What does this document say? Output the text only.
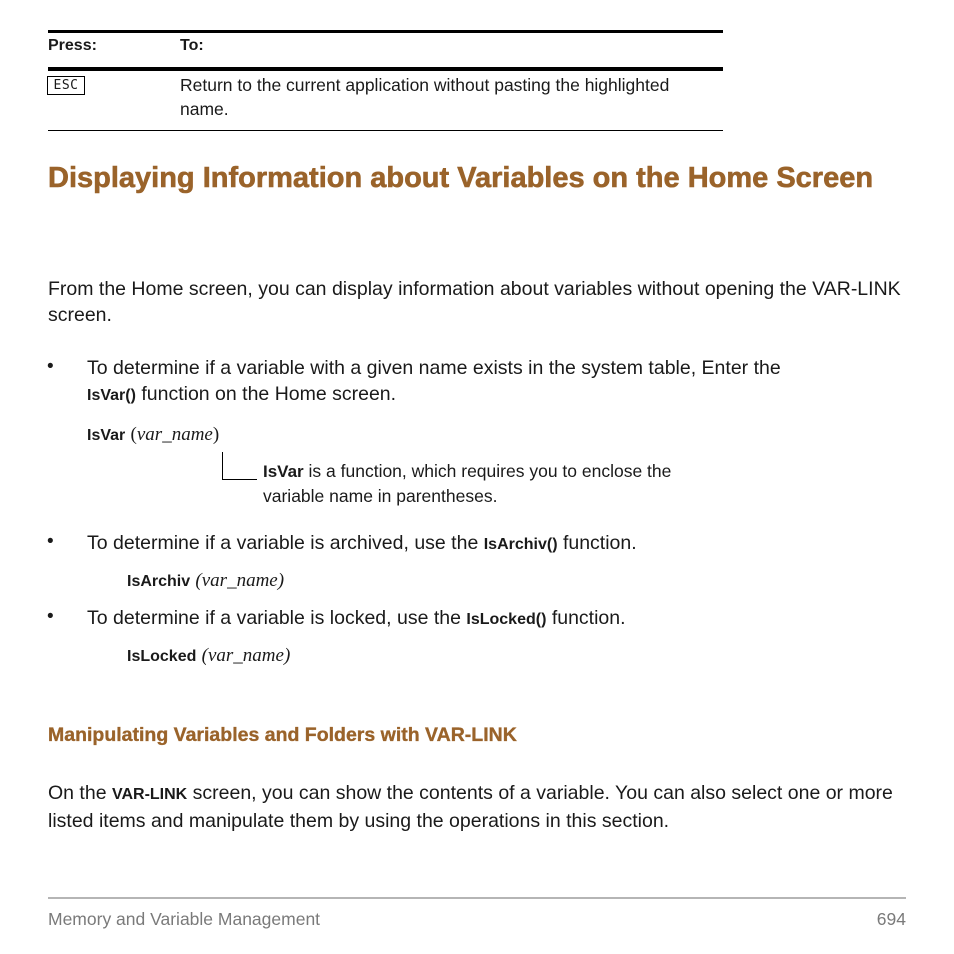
Press:	To:
ESC	Return to the current application without pasting the highlighted name.
Displaying Information about Variables on the Home Screen
From the Home screen, you can display information about variables without opening the VAR-LINK screen.
• To determine if a variable with a given name exists in the system table, Enter the
IsVar() function on the Home screen.
IsVar (var_name)
IsVar is a function, which requires you to enclose the variable name in parentheses.
• To determine if a variable is archived, use the IsArchiv() function.
IsArchiv (var_name)
• To determine if a variable is locked, use the IsLocked() function.
IsLocked (var_name)
Manipulating Variables and Folders with VAR-LINK
On the VAR-LINK screen, you can show the contents of a variable. You can also select one or more listed items and manipulate them by using the operations in this section.
Memory and Variable Management	694
